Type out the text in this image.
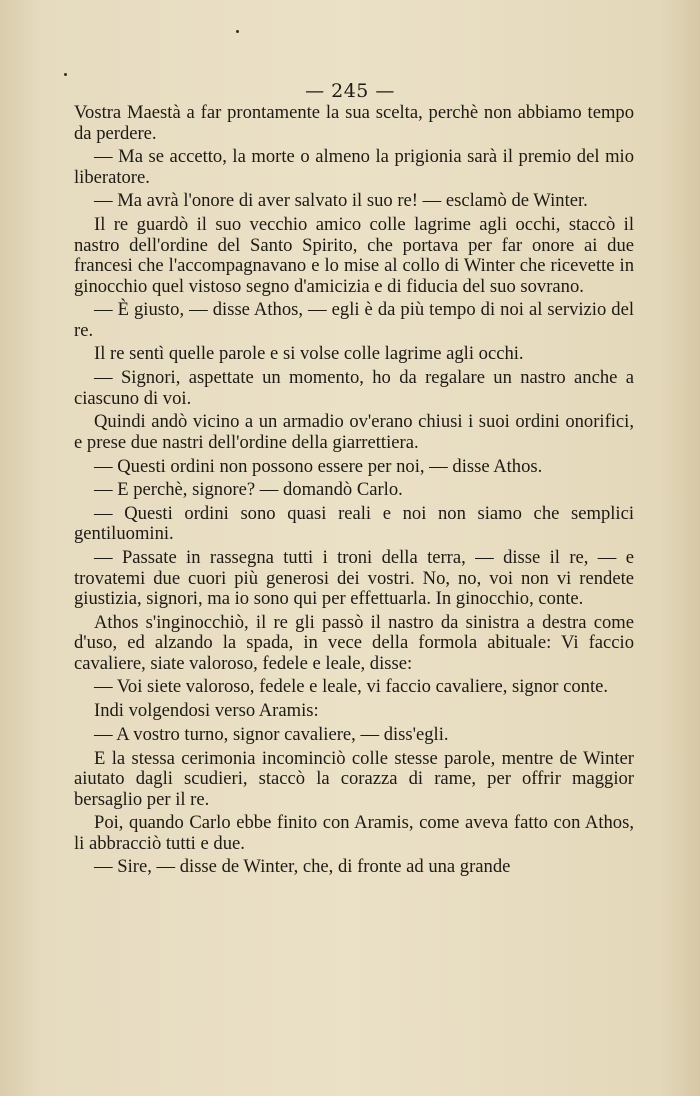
— 245 —

Vostra Maestà a far prontamente la sua scelta, perchè non abbiamo tempo da perdere.

— Ma se accetto, la morte o almeno la prigionia sarà il premio del mio liberatore.

— Ma avrà l'onore di aver salvato il suo re! — esclamò de Winter.

Il re guardò il suo vecchio amico colle lagrime agli occhi, staccò il nastro dell'ordine del Santo Spirito, che portava per far onore ai due francesi che l'accompagnavano e lo mise al collo di Winter che ricevette in ginocchio quel vistoso segno d'amicizia e di fiducia del suo sovrano.

— È giusto, — disse Athos, — egli è da più tempo di noi al servizio del re.

Il re sentì quelle parole e si volse colle lagrime agli occhi.

— Signori, aspettate un momento, ho da regalare un nastro anche a ciascuno di voi.

Quindi andò vicino a un armadio ov'erano chiusi i suoi ordini onorifici, e prese due nastri dell'ordine della giarrettiera.

— Questi ordini non possono essere per noi, — disse Athos.

— E perchè, signore? — domandò Carlo.

— Questi ordini sono quasi reali e noi non siamo che semplici gentiluomini.

— Passate in rassegna tutti i troni della terra, — disse il re, — e trovatemi due cuori più generosi dei vostri. No, no, voi non vi rendete giustizia, signori, ma io sono qui per effettuarla. In ginocchio, conte.

Athos s'inginocchiò, il re gli passò il nastro da sinistra a destra come d'uso, ed alzando la spada, in vece della formola abituale: Vi faccio cavaliere, siate valoroso, fedele e leale, disse:

— Voi siete valoroso, fedele e leale, vi faccio cavaliere, signor conte.

Indi volgendosi verso Aramis:

— A vostro turno, signor cavaliere, — diss'egli.

E la stessa cerimonia incominciò colle stesse parole, mentre de Winter aiutato dagli scudieri, staccò la corazza di rame, per offrir maggior bersaglio per il re.

Poi, quando Carlo ebbe finito con Aramis, come aveva fatto con Athos, li abbracciò tutti e due.

— Sire, — disse de Winter, che, di fronte ad una grande
